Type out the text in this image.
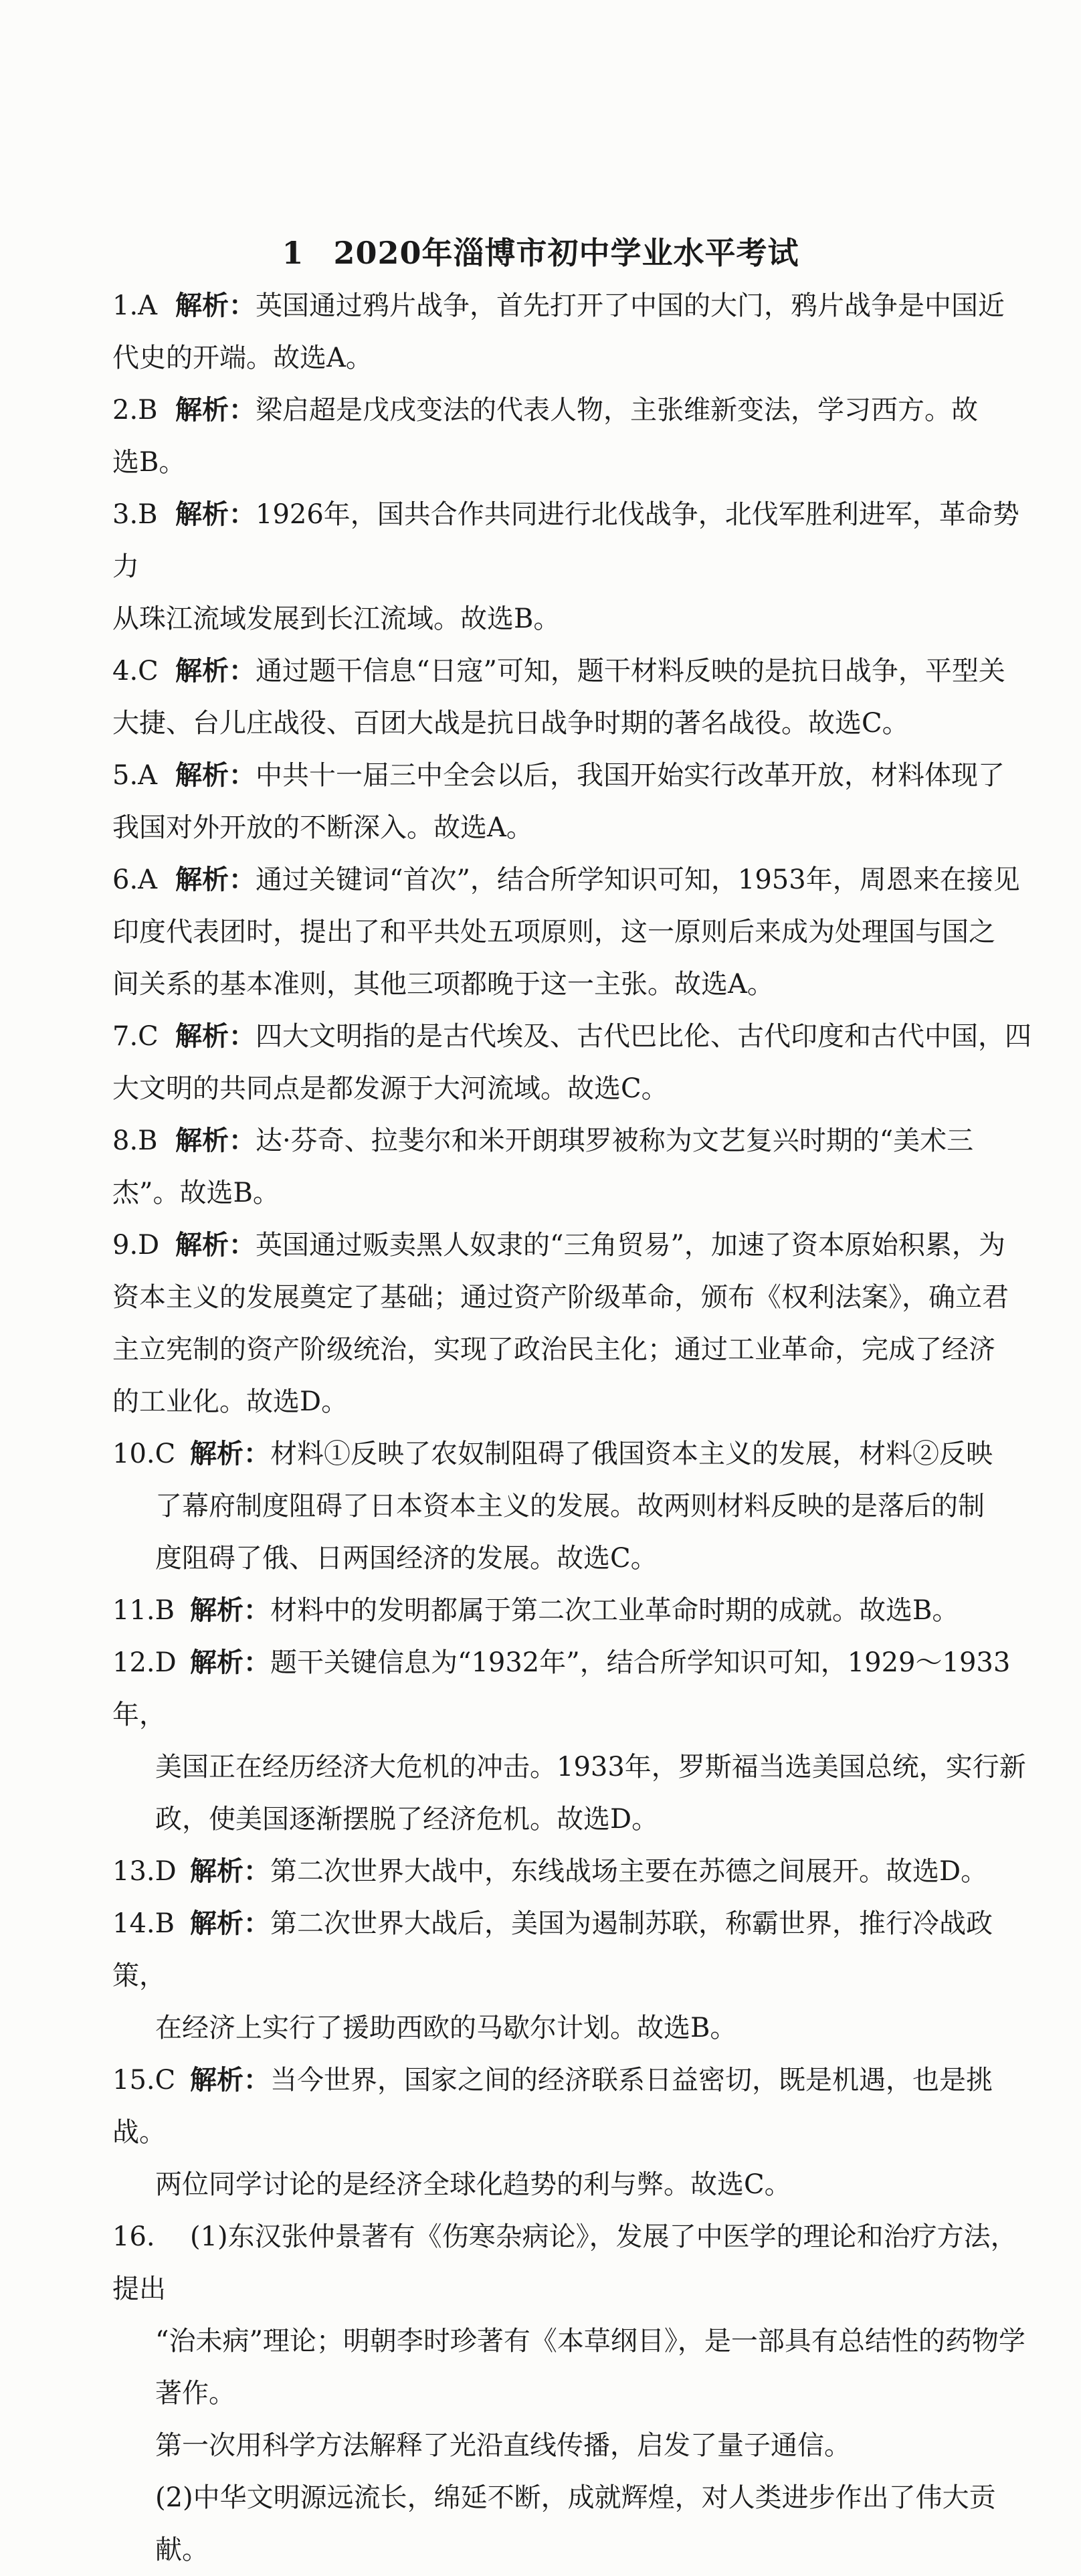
1 2020年淄博市初中学业水平考试
1.A 解析：英国通过鸦片战争，首先打开了中国的大门，鸦片战争是中国近
代史的开端。故选A。
2.B 解析：梁启超是戊戌变法的代表人物，主张维新变法，学习西方。故
选B。
3.B 解析：1926年，国共合作共同进行北伐战争，北伐军胜利进军，革命势力
从珠江流域发展到长江流域。故选B。
4.C 解析：通过题干信息“日寇”可知，题干材料反映的是抗日战争，平型关
大捷、台儿庄战役、百团大战是抗日战争时期的著名战役。故选C。
5.A 解析：中共十一届三中全会以后，我国开始实行改革开放，材料体现了
我国对外开放的不断深入。故选A。
6.A 解析：通过关键词“首次”，结合所学知识可知，1953年，周恩来在接见
印度代表团时，提出了和平共处五项原则，这一原则后来成为处理国与国之
间关系的基本准则，其他三项都晚于这一主张。故选A。
7.C 解析：四大文明指的是古代埃及、古代巴比伦、古代印度和古代中国，四
大文明的共同点是都发源于大河流域。故选C。
8.B 解析：达·芬奇、拉斐尔和米开朗琪罗被称为文艺复兴时期的“美术三
杰”。故选B。
9.D 解析：英国通过贩卖黑人奴隶的“三角贸易”，加速了资本原始积累，为
资本主义的发展奠定了基础；通过资产阶级革命，颁布《权利法案》，确立君
主立宪制的资产阶级统治，实现了政治民主化；通过工业革命，完成了经济
的工业化。故选D。
10.C 解析：材料①反映了农奴制阻碍了俄国资本主义的发展，材料②反映
了幕府制度阻碍了日本资本主义的发展。故两则材料反映的是落后的制
度阻碍了俄、日两国经济的发展。故选C。
11.B 解析：材料中的发明都属于第二次工业革命时期的成就。故选B。
12.D 解析：题干关键信息为“1932年”，结合所学知识可知，1929～1933年，
美国正在经历经济大危机的冲击。1933年，罗斯福当选美国总统，实行新
政，使美国逐渐摆脱了经济危机。故选D。
13.D 解析：第二次世界大战中，东线战场主要在苏德之间展开。故选D。
14.B 解析：第二次世界大战后，美国为遏制苏联，称霸世界，推行冷战政策，
在经济上实行了援助西欧的马歇尔计划。故选B。
15.C 解析：当今世界，国家之间的经济联系日益密切，既是机遇，也是挑战。
两位同学讨论的是经济全球化趋势的利与弊。故选C。
16. (1)东汉张仲景著有《伤寒杂病论》，发展了中医学的理论和治疗方法，提出
“治未病”理论；明朝李时珍著有《本草纲目》，是一部具有总结性的药物学
著作。
第一次用科学方法解释了光沿直线传播，启发了量子通信。
(2)中华文明源远流长，绵延不断，成就辉煌，对人类进步作出了伟大贡献。
